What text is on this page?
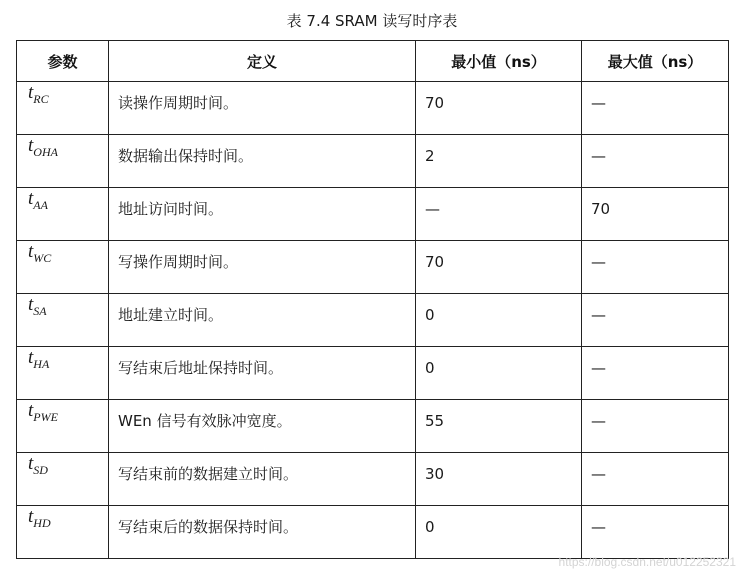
表 7.4 SRAM 读写时序表
参数	定义	最小值（ns）	最大值（ns）
$t_{RC}$	读操作周期时间。	70	—

$t_{OHA}$	数据输出保持时间。	2	—

$t_{AA}$	地址访问时间。	—	70

$t_{WC}$	写操作周期时间。	70	—

$t_{SA}$	地址建立时间。	0	—

$t_{HA}$	写结束后地址保持时间。	0	—

$t_{PWE}$	WEn 信号有效脉冲宽度。	55	—

$t_{SD}$	写结束前的数据建立时间。	30	—

$t_{HD}$	写结束后的数据保持时间。	0	—
https://blog.csdn.net/u012252321
